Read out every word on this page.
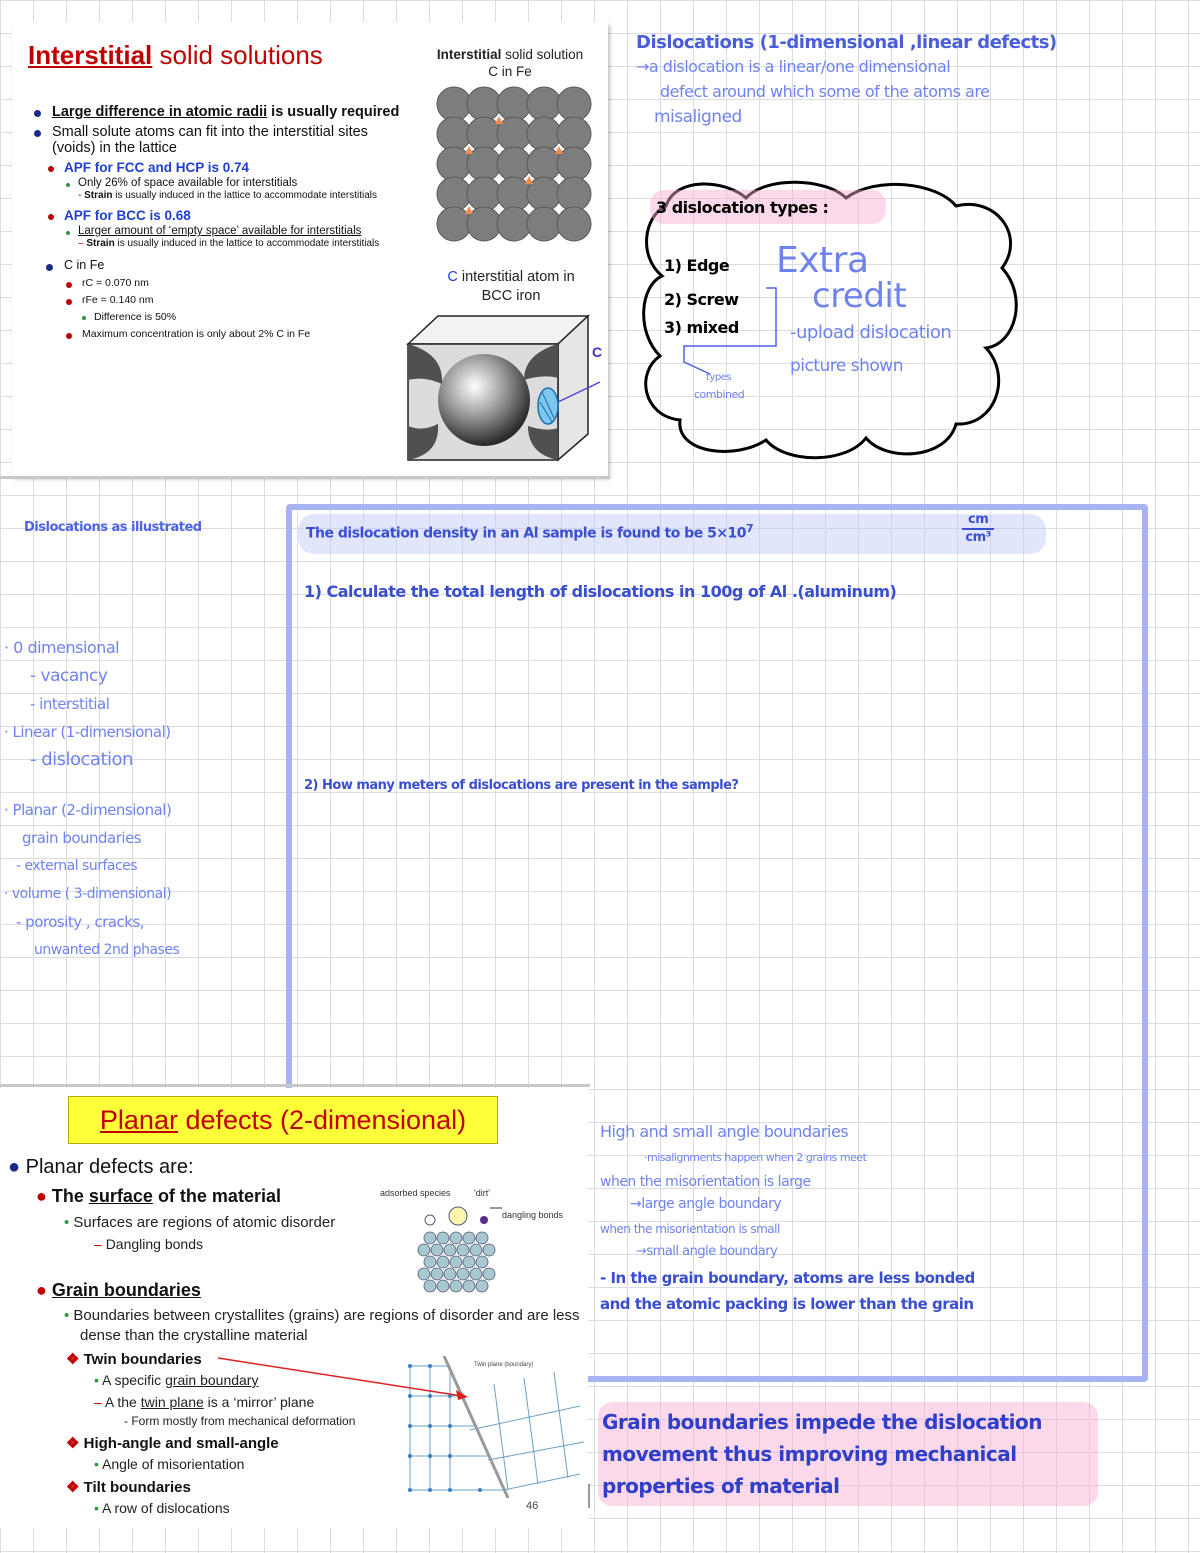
Interstitial solid solutions
Large difference in atomic radii is usually required
Small solute atoms can fit into the interstitial sites (voids) in the lattice
APF for FCC and HCP is 0.74
Only 26% of space available for interstitials
- Strain is usually induced in the lattice to accommodate interstitials
APF for BCC is 0.68
Larger amount of ‘empty space’ available for interstitials
– Strain is usually induced in the lattice to accommodate interstitials
C in Fe
rC = 0.070 nm
rFe = 0.140 nm
Difference is 50%
Maximum concentration is only about 2% C in Fe
Interstitial solid solution
C in Fe
C interstitial atom in
BCC iron
C
Dislocations (1-dimensional ,linear defects)
→a dislocation is a linear/one dimensional
defect around which some of the atoms are
misaligned
3 dislocation types :
1) Edge
2) Screw
3) mixed
types
combined
Extra
credit
-upload dislocation
picture shown
Dislocations as illustrated
· 0 dimensional
- vacancy
- interstitial
· Linear (1-dimensional)
- dislocation
· Planar (2-dimensional)
grain boundaries
- external surfaces
· volume ( 3-dimensional)
- porosity , cracks,
unwanted 2nd phases
The dislocation density in an Al sample is found to be $5\times 10^7$	$\frac{cm}{\text{cm³}}$
1) Calculate the total length of dislocations in 100g of Al .(aluminum)
2) How many meters of dislocations are present in the sample?
Planar defects (2-dimensional)
● Planar defects are:
● The surface of the material
• Surfaces are regions of atomic disorder
– Dangling bonds
● Grain boundaries
• Boundaries between crystallites (grains) are regions of disorder and are less dense than the crystalline material
❖ Twin boundaries
• A specific grain boundary
– A the twin plane is a ‘mirror’ plane
- Form mostly from mechanical deformation
❖ High-angle and small-angle
• Angle of misorientation
❖ Tilt boundaries
• A row of dislocations	46
adsorbed species	'dirt'
dangling bonds
Twin plane (boundary)
High and small angle boundaries
·misalignments happen when 2 grains meet
when the misorientation is large
→large angle boundary
when the misorientation is small
→small angle boundary
- In the grain boundary, atoms are less bonded
and the atomic packing is lower than the grain
Grain boundaries impede the dislocation
movement thus improving mechanical
properties of material
